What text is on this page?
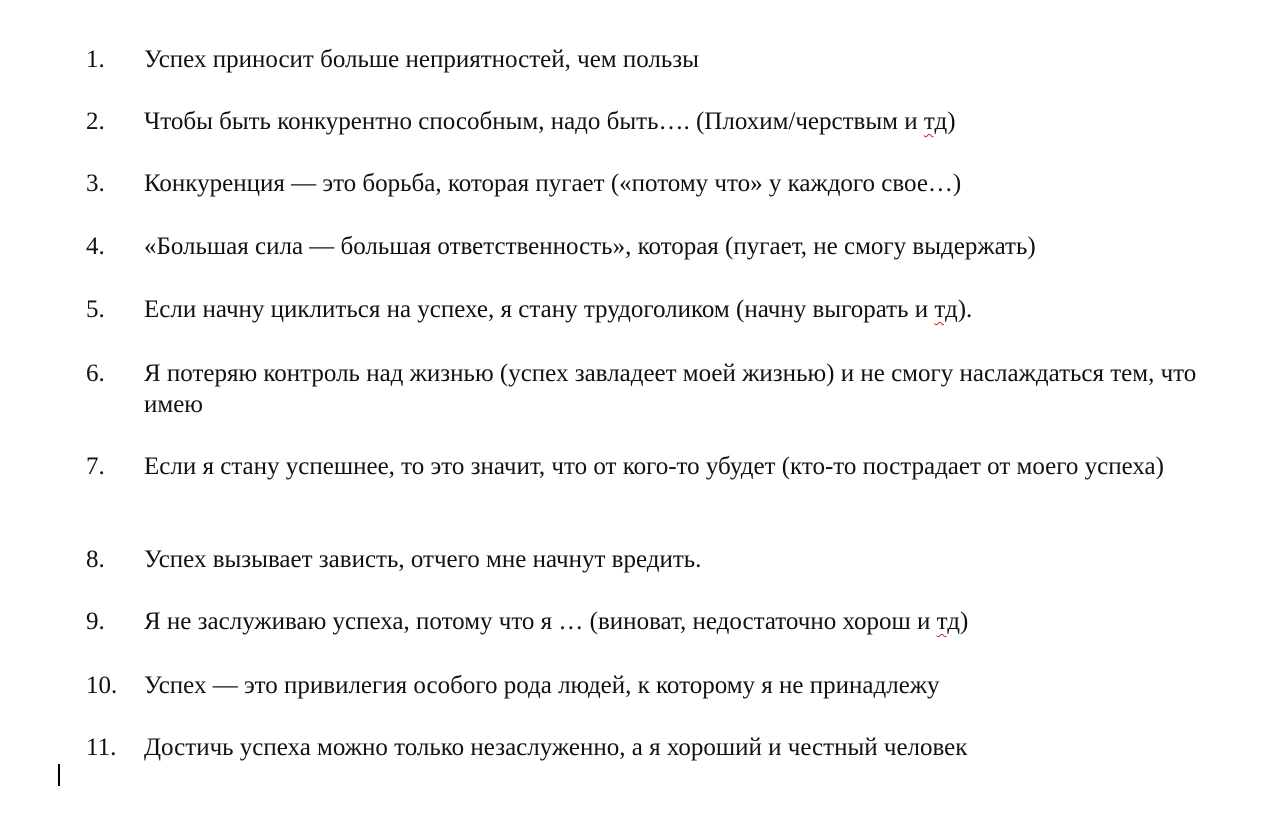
1.	Успех приносит больше неприятностей, чем пользы
2.	Чтобы быть конкурентно способным, надо быть…. (Плохим/черствым и тд)
3.	Конкуренция — это борьба, которая пугает («потому что» у каждого свое…)
4.	«Большая сила — большая ответственность», которая (пугает, не смогу выдержать)
5.	Если начну циклиться на успехе, я стану трудоголиком (начну выгорать и тд).
6.	Я потеряю контроль над жизнью (успех завладеет моей жизнью) и не смогу наслаждаться тем, что имею
7.	Если я стану успешнее, то это значит, что от кого-то убудет (кто-то пострадает от моего успеха)
8.	Успех вызывает зависть, отчего мне начнут вредить.
9.	Я не заслуживаю успеха, потому что я … (виноват, недостаточно хорош и тд)
10.	Успех — это привилегия особого рода людей, к которому я не принадлежу
11.	Достичь успеха можно только незаслуженно, а я хороший и честный человек
